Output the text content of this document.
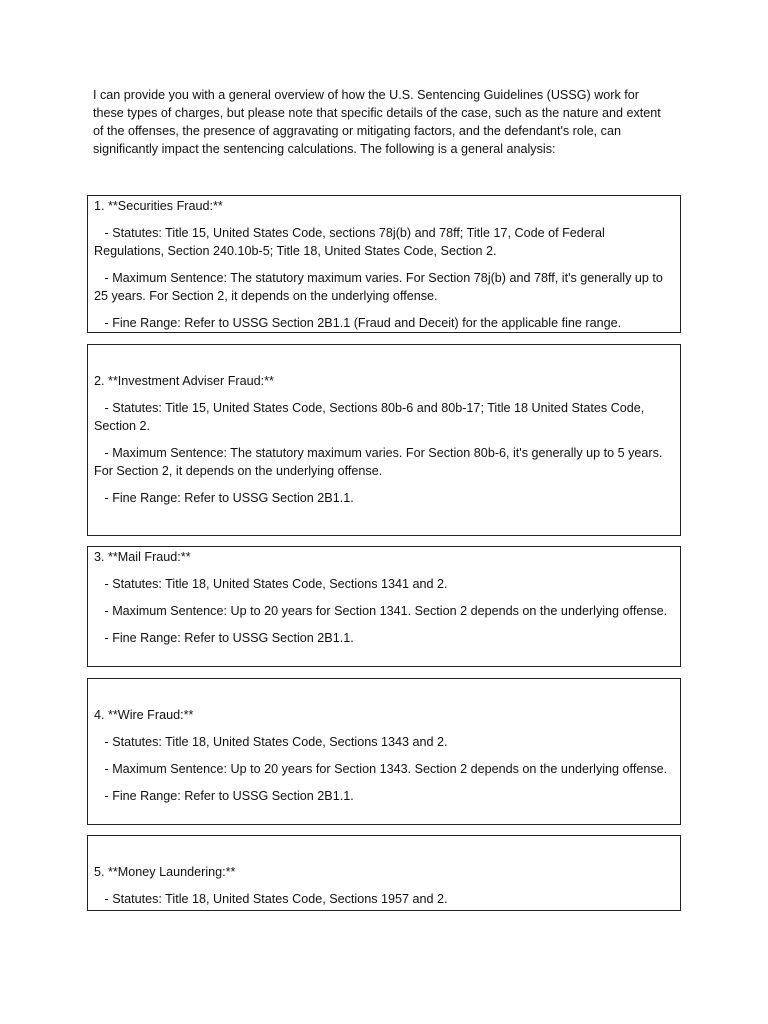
I can provide you with a general overview of how the U.S. Sentencing Guidelines (USSG) work for these types of charges, but please note that specific details of the case, such as the nature and extent of the offenses, the presence of aggravating or mitigating factors, and the defendant's role, can significantly impact the sentencing calculations. The following is a general analysis:

1. **Securities Fraud:**

- Statutes: Title 15, United States Code, sections 78j(b) and 78ff; Title 17, Code of Federal Regulations, Section 240.10b-5; Title 18, United States Code, Section 2.

- Maximum Sentence: The statutory maximum varies. For Section 78j(b) and 78ff, it's generally up to 25 years. For Section 2, it depends on the underlying offense.

- Fine Range: Refer to USSG Section 2B1.1 (Fraud and Deceit) for the applicable fine range.

2. **Investment Adviser Fraud:**

- Statutes: Title 15, United States Code, Sections 80b-6 and 80b-17; Title 18 United States Code, Section 2.

- Maximum Sentence: The statutory maximum varies. For Section 80b-6, it's generally up to 5 years. For Section 2, it depends on the underlying offense.

- Fine Range: Refer to USSG Section 2B1.1.

3. **Mail Fraud:**

- Statutes: Title 18, United States Code, Sections 1341 and 2.

- Maximum Sentence: Up to 20 years for Section 1341. Section 2 depends on the underlying offense.

- Fine Range: Refer to USSG Section 2B1.1.

4. **Wire Fraud:**

- Statutes: Title 18, United States Code, Sections 1343 and 2.

- Maximum Sentence: Up to 20 years for Section 1343. Section 2 depends on the underlying offense.

- Fine Range: Refer to USSG Section 2B1.1.

5. **Money Laundering:**

- Statutes: Title 18, United States Code, Sections 1957 and 2.
